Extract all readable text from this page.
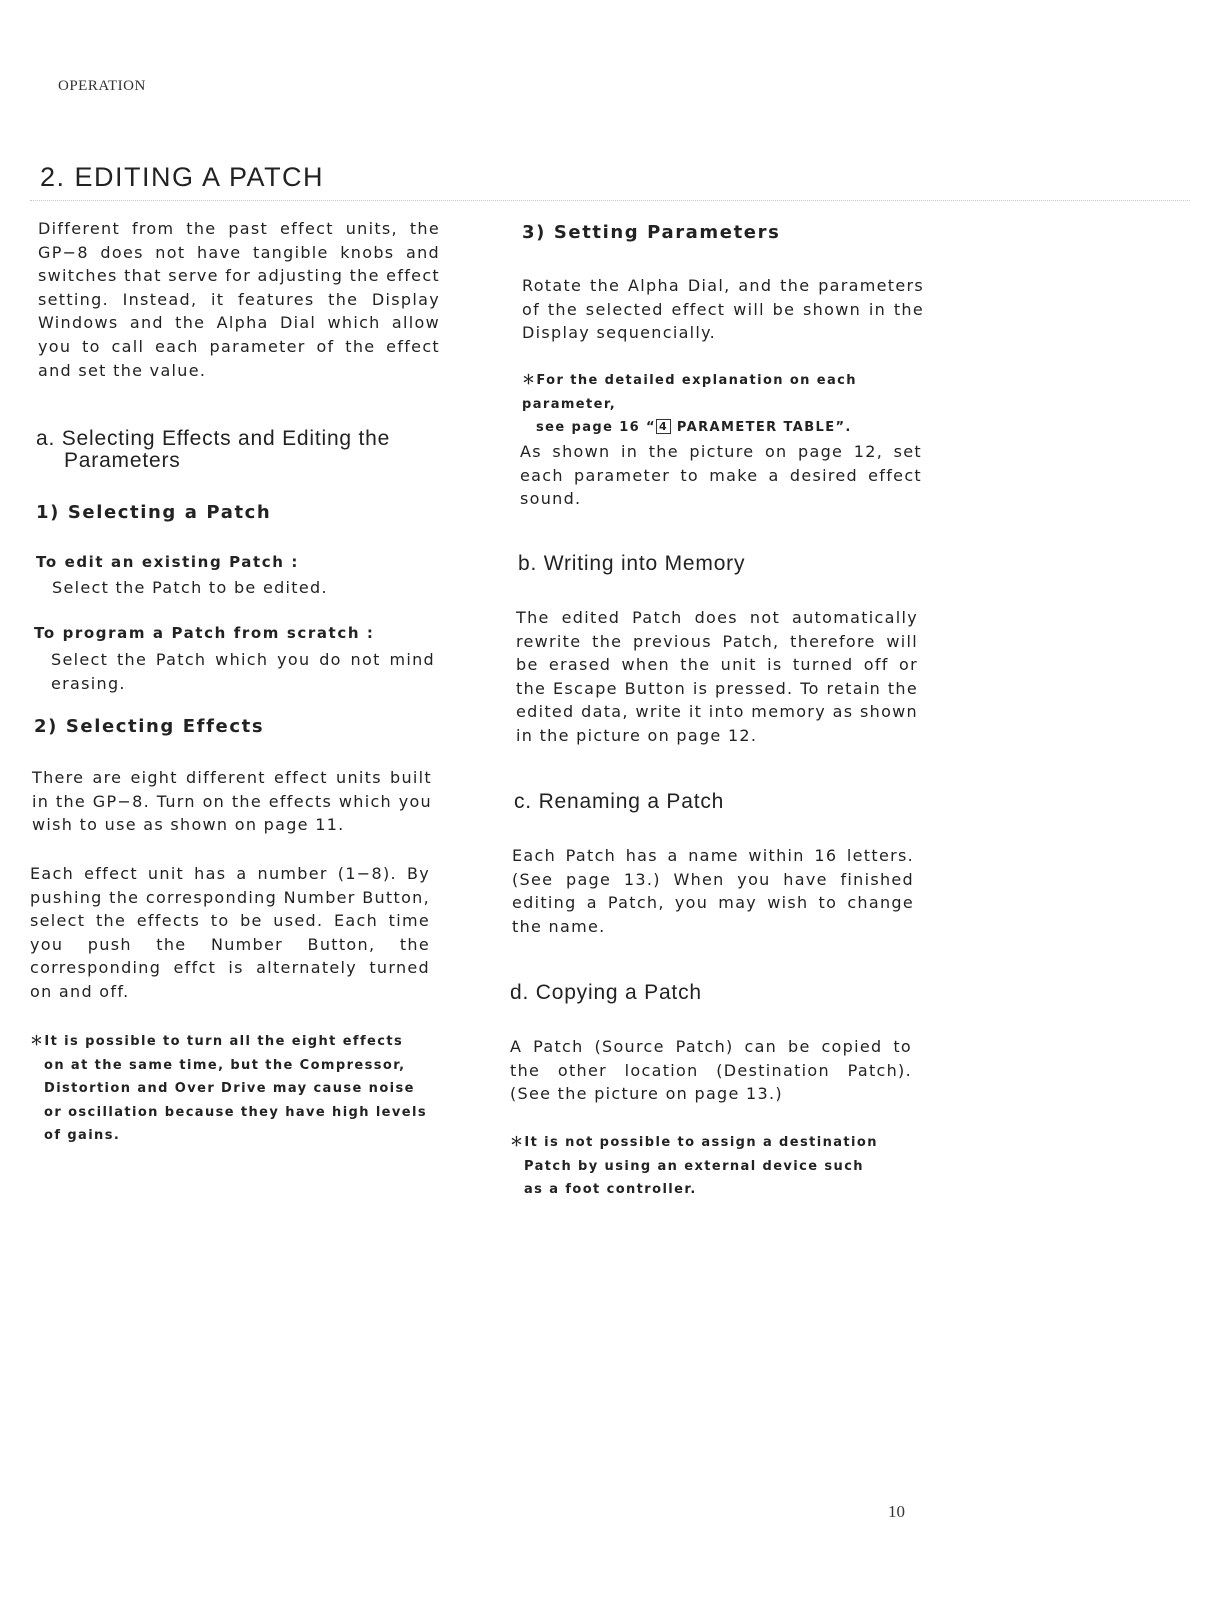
OPERATION
2. EDITING A PATCH

Different from the past effect units, the GP−8 does not have tangible knobs and switches that serve for adjusting the effect setting. Instead, it features the Display Windows and the Alpha Dial which allow you to call each parameter of the effect and set the value.

a. Selecting Effects and Editing the
Parameters
1) Selecting a Patch

To edit an existing Patch :

Select the Patch to be edited.

To program a Patch from scratch :

Select the Patch which you do not mind erasing.

2) Selecting Effects

There are eight different effect units built in the GP−8. Turn on the effects which you wish to use as shown on page 11.

Each effect unit has a number (1−8). By pushing the corresponding Number Button, select the effects to be used. Each time you push the Number Button, the corresponding effct is alternately turned on and off.

＊It is possible to turn all the eight effects
on at the same time, but the Compressor,
Distortion and Over Drive may cause noise
or oscillation because they have high levels
of gains.
3) Setting Parameters

Rotate the Alpha Dial, and the parameters of the selected effect will be shown in the Display sequencially.

＊For the detailed explanation on each parameter,
see page 16 “ 4 PARAMETER TABLE”.

As shown in the picture on page 12, set each parameter to make a desired effect sound.

b. Writing into Memory

The edited Patch does not automatically rewrite the previous Patch, therefore will be erased when the unit is turned off or the Escape Button is pressed. To retain the edited data, write it into memory as shown in the picture on page 12.

c. Renaming a Patch

Each Patch has a name within 16 letters. (See page 13.) When you have finished editing a Patch, you may wish to change the name.

d. Copying a Patch

A Patch (Source Patch) can be copied to the other location (Destination Patch). (See the picture on page 13.)

＊It is not possible to assign a destination
Patch by using an external device such
as a foot controller.
10
